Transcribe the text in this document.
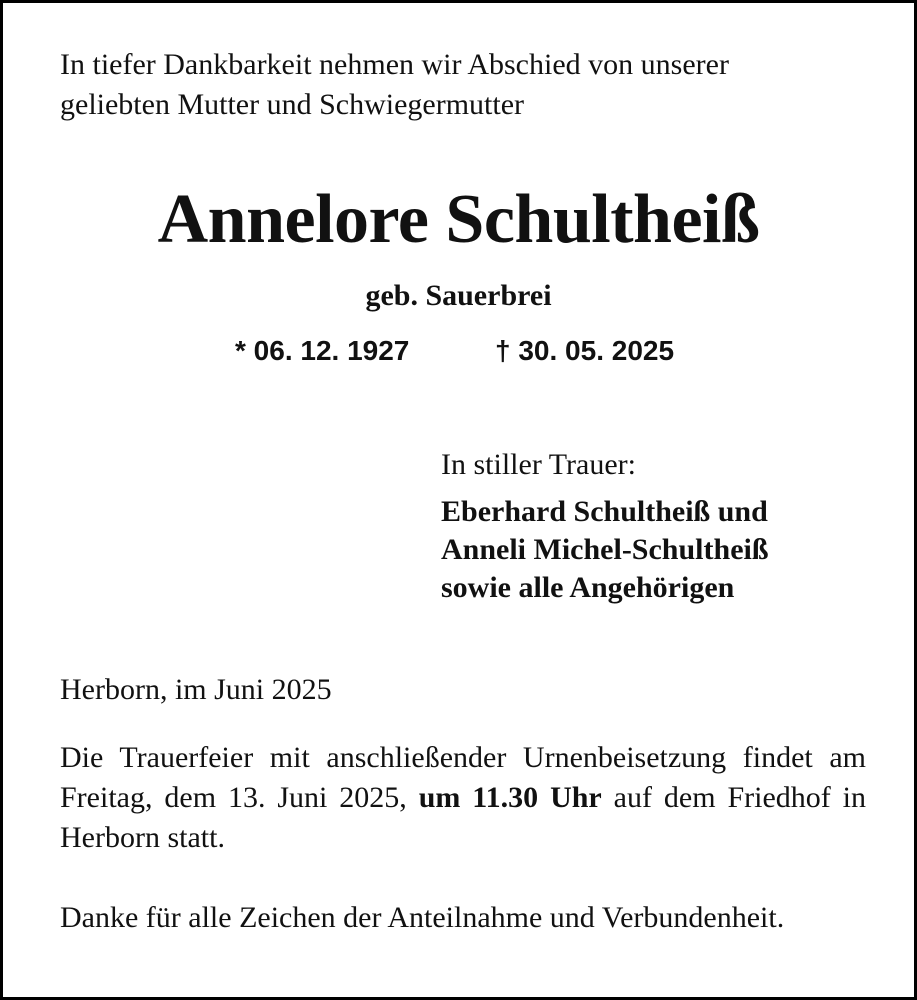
In tiefer Dankbarkeit nehmen wir Abschied von unserer
geliebten Mutter und Schwiegermutter
Annelore Schultheiß
geb. Sauerbrei
* 06. 12. 1927	† 30. 05. 2025
In stiller Trauer:
Eberhard Schultheiß und
Anneli Michel-Schultheiß
sowie alle Angehörigen
Herborn, im Juni 2025
Die Trauerfeier mit anschließender Urnenbeisetzung findet am Freitag, dem 13. Juni 2025, um 11.30 Uhr auf dem Friedhof in Herborn statt.
Danke für alle Zeichen der Anteilnahme und Verbundenheit.
